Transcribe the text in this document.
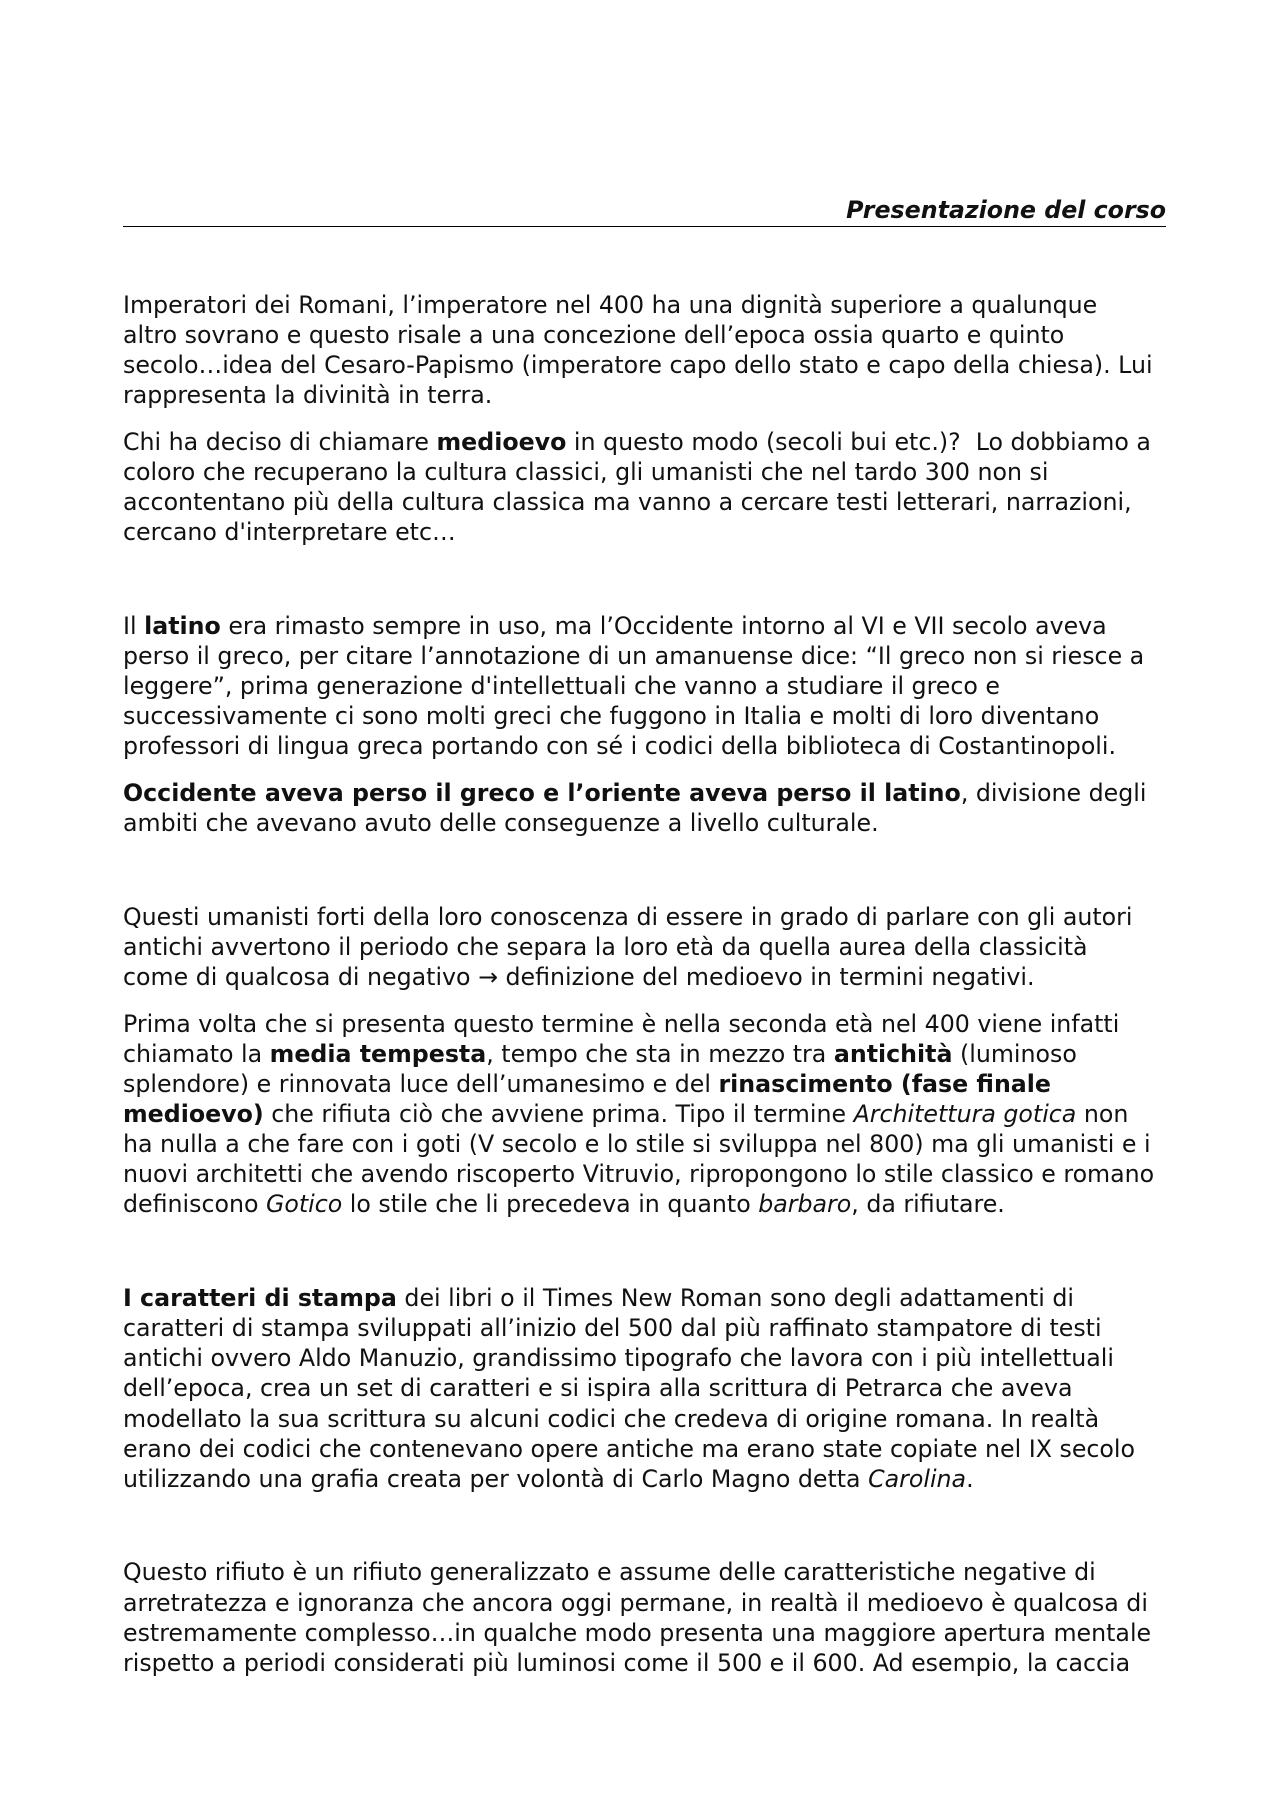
Presentazione del corso
Imperatori dei Romani, l’imperatore nel 400 ha una dignità superiore a qualunque
altro sovrano e questo risale a una concezione dell’epoca ossia quarto e quinto
secolo…idea del Cesaro-Papismo (imperatore capo dello stato e capo della chiesa). Lui
rappresenta la divinità in terra.
Chi ha deciso di chiamare medioevo in questo modo (secoli bui etc.)?  Lo dobbiamo a
coloro che recuperano la cultura classici, gli umanisti che nel tardo 300 non si
accontentano più della cultura classica ma vanno a cercare testi letterari, narrazioni,
cercano d'interpretare etc…
Il latino era rimasto sempre in uso, ma l’Occidente intorno al VI e VII secolo aveva
perso il greco, per citare l’annotazione di un amanuense dice: “Il greco non si riesce a
leggere”, prima generazione d'intellettuali che vanno a studiare il greco e
successivamente ci sono molti greci che fuggono in Italia e molti di loro diventano
professori di lingua greca portando con sé i codici della biblioteca di Costantinopoli.
Occidente aveva perso il greco e l’oriente aveva perso il latino, divisione degli
ambiti che avevano avuto delle conseguenze a livello culturale.
Questi umanisti forti della loro conoscenza di essere in grado di parlare con gli autori
antichi avvertono il periodo che separa la loro età da quella aurea della classicità
come di qualcosa di negativo → definizione del medioevo in termini negativi.
Prima volta che si presenta questo termine è nella seconda età nel 400 viene infatti
chiamato la media tempesta, tempo che sta in mezzo tra antichità (luminoso
splendore) e rinnovata luce dell’umanesimo e del rinascimento (fase finale
medioevo) che rifiuta ciò che avviene prima. Tipo il termine Architettura gotica non
ha nulla a che fare con i goti (V secolo e lo stile si sviluppa nel 800) ma gli umanisti e i
nuovi architetti che avendo riscoperto Vitruvio, ripropongono lo stile classico e romano
definiscono Gotico lo stile che li precedeva in quanto barbaro, da rifiutare.
I caratteri di stampa dei libri o il Times New Roman sono degli adattamenti di
caratteri di stampa sviluppati all’inizio del 500 dal più raffinato stampatore di testi
antichi ovvero Aldo Manuzio, grandissimo tipografo che lavora con i più intellettuali
dell’epoca, crea un set di caratteri e si ispira alla scrittura di Petrarca che aveva
modellato la sua scrittura su alcuni codici che credeva di origine romana. In realtà
erano dei codici che contenevano opere antiche ma erano state copiate nel IX secolo
utilizzando una grafia creata per volontà di Carlo Magno detta Carolina.
Questo rifiuto è un rifiuto generalizzato e assume delle caratteristiche negative di
arretratezza e ignoranza che ancora oggi permane, in realtà il medioevo è qualcosa di
estremamente complesso…in qualche modo presenta una maggiore apertura mentale
rispetto a periodi considerati più luminosi come il 500 e il 600. Ad esempio, la caccia
